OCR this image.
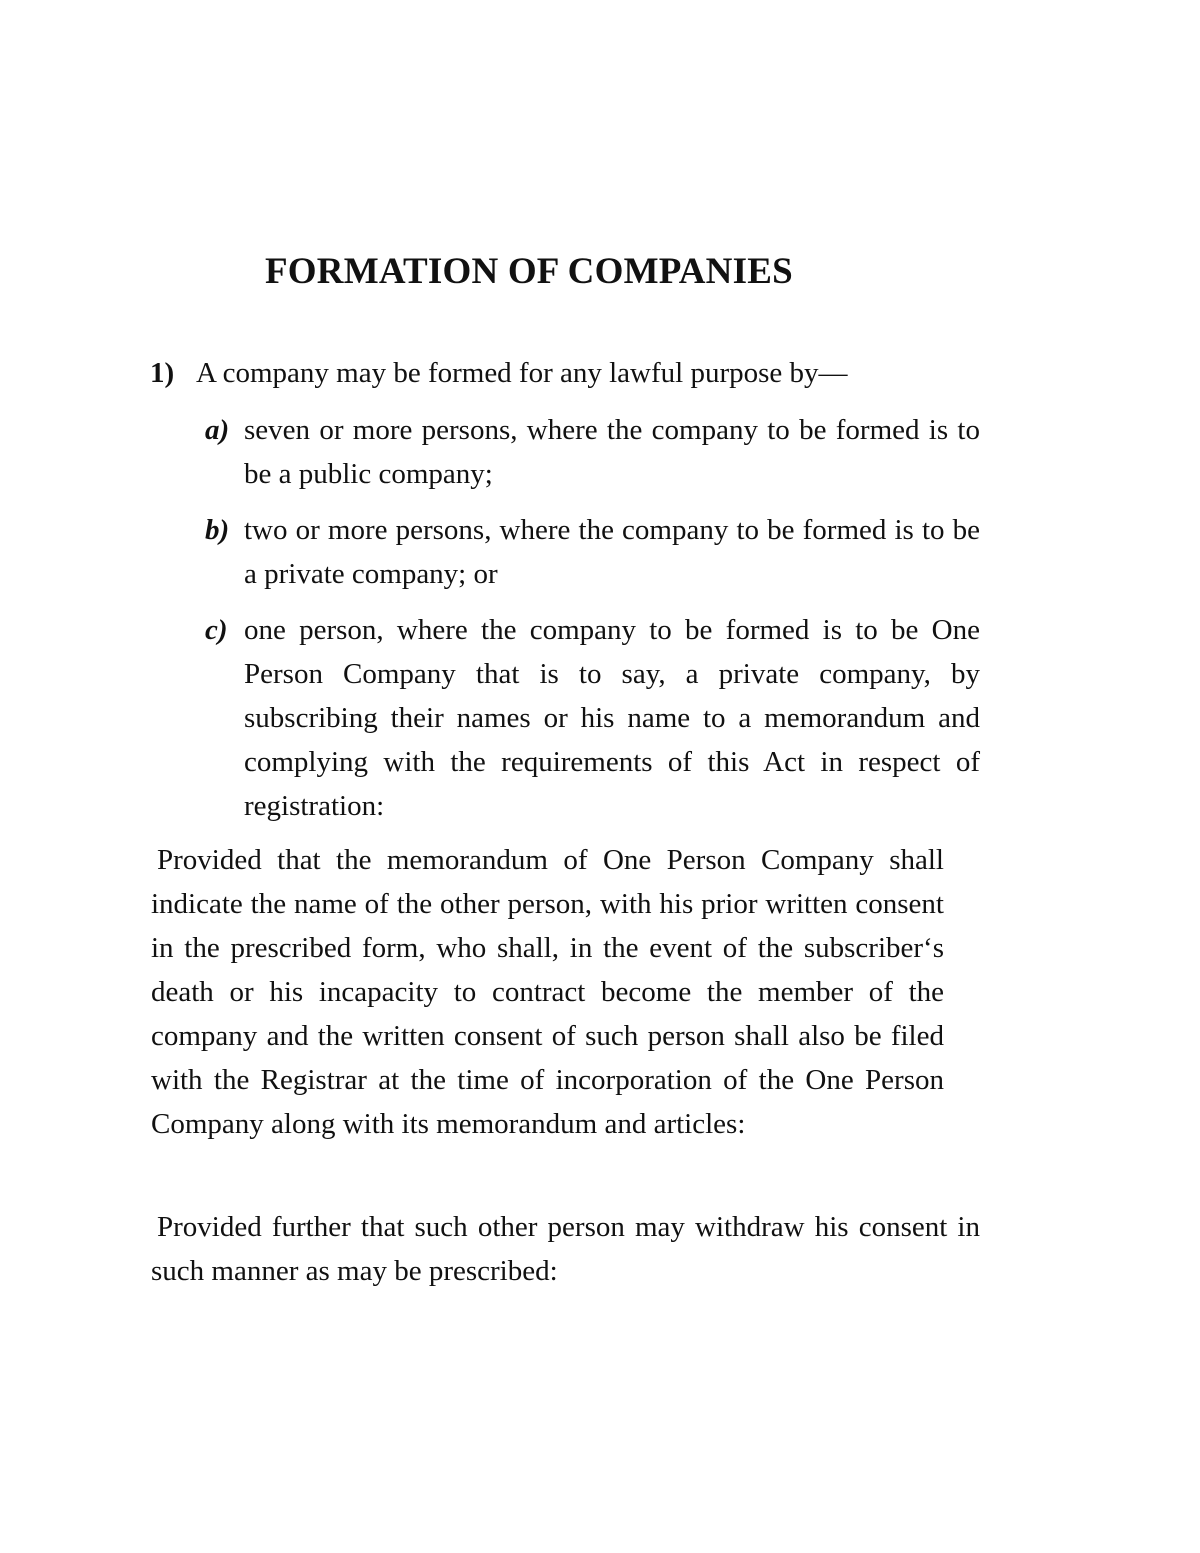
FORMATION OF COMPANIES
1) A company may be formed for any lawful purpose by—
a) seven or more persons, where the company to be formed is to be a public company;
b) two or more persons, where the company to be formed is to be a private company; or
c) one person, where the company to be formed is to be One Person Company that is to say, a private company, by subscribing their names or his name to a memorandum and complying with the requirements of this Act in respect of registration:
Provided that the memorandum of One Person Company shall indicate the name of the other person, with his prior written consent in the prescribed form, who shall, in the event of the subscriber‘s death or his incapacity to contract become the member of the company and the written consent of such person shall also be filed with the Registrar at the time of incorporation of the One Person Company along with its memorandum and articles:
Provided further that such other person may withdraw his consent in such manner as may be prescribed:
